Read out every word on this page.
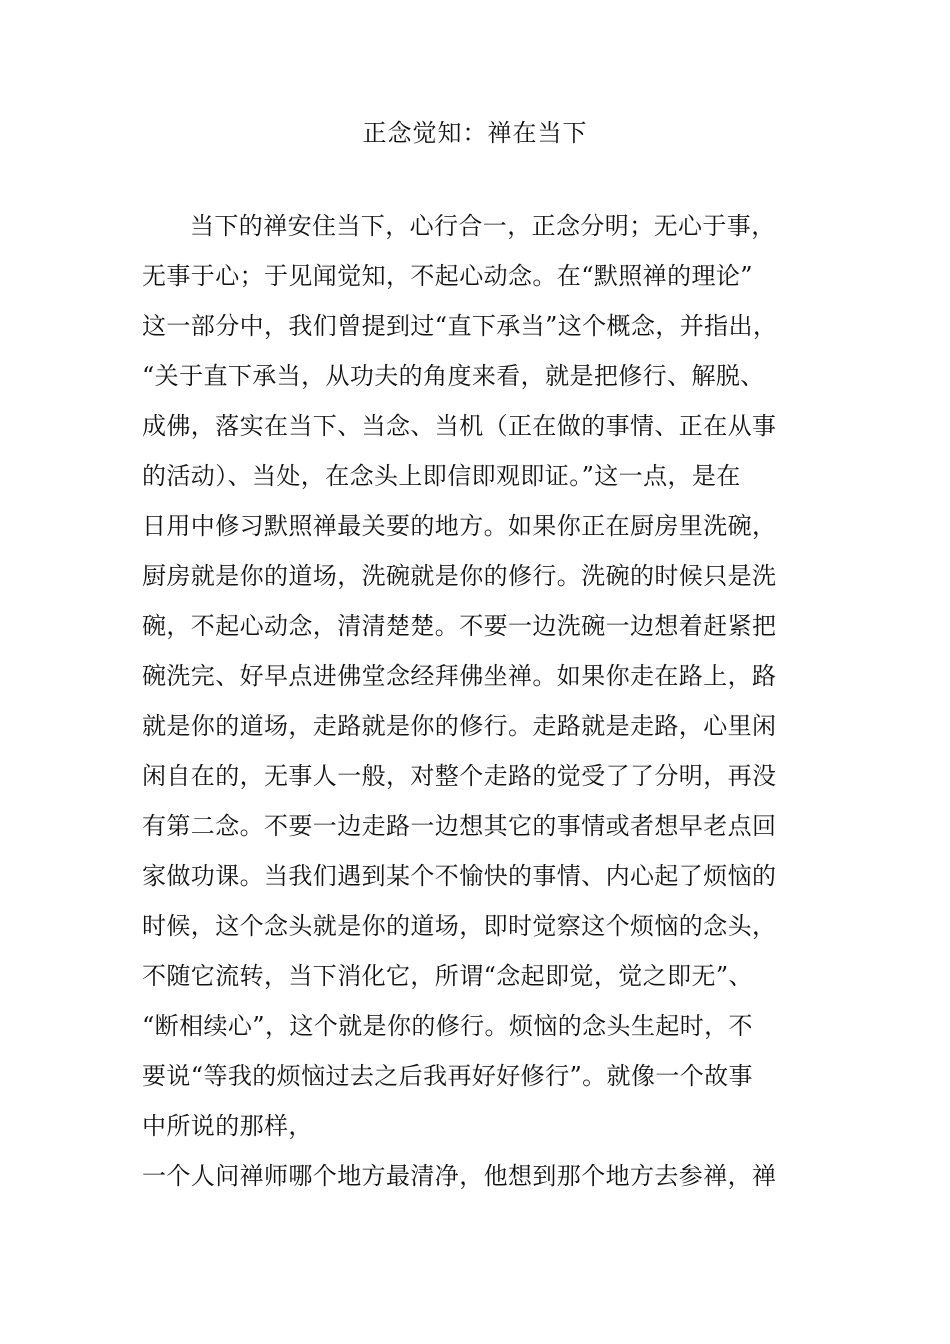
正念觉知：禅在当下
当下的禅安住当下，心行合一，正念分明；无心于事，
无事于心；于见闻觉知，不起心动念。在“默照禅的理论”
这一部分中，我们曾提到过“直下承当”这个概念，并指出，
“关于直下承当，从功夫的角度来看，就是把修行、解脱、
成佛，落实在当下、当念、当机（正在做的事情、正在从事
的活动）、当处，在念头上即信即观即证。”这一点，是在
日用中修习默照禅最关要的地方。如果你正在厨房里洗碗，
厨房就是你的道场，洗碗就是你的修行。洗碗的时候只是洗
碗，不起心动念，清清楚楚。不要一边洗碗一边想着赶紧把
碗洗完、好早点进佛堂念经拜佛坐禅。如果你走在路上，路
就是你的道场，走路就是你的修行。走路就是走路，心里闲
闲自在的，无事人一般，对整个走路的觉受了了分明，再没
有第二念。不要一边走路一边想其它的事情或者想早老点回
家做功课。当我们遇到某个不愉快的事情、内心起了烦恼的
时候，这个念头就是你的道场，即时觉察这个烦恼的念头，
不随它流转，当下消化它，所谓“念起即觉，觉之即无”、
“断相续心”，这个就是你的修行。烦恼的念头生起时，不
要说“等我的烦恼过去之后我再好好修行”。就像一个故事
中所说的那样，
一个人问禅师哪个地方最清净，他想到那个地方去参禅，禅
